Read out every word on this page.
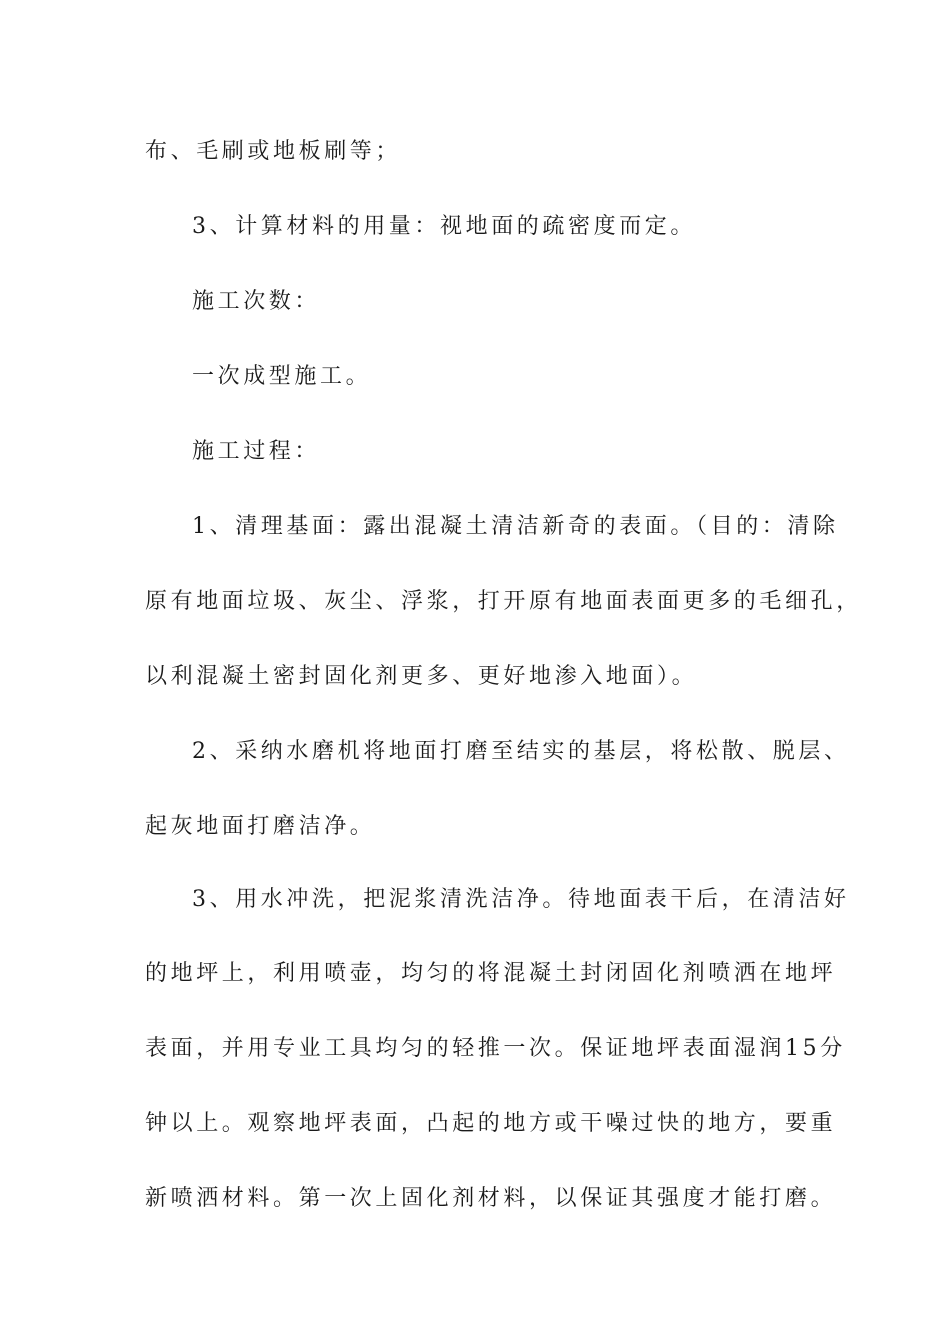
布、毛刷或地板刷等；
3、计算材料的用量：视地面的疏密度而定。
施工次数：
一次成型施工。
施工过程：
1、清理基面：露出混凝土清洁新奇的表面。（目的：清除
原有地面垃圾、灰尘、浮浆，打开原有地面表面更多的毛细孔，
以利混凝土密封固化剂更多、更好地渗入地面）。
2、采纳水磨机将地面打磨至结实的基层，将松散、脱层、
起灰地面打磨洁净。
3、用水冲洗，把泥浆清洗洁净。待地面表干后，在清洁好
的地坪上，利用喷壶，均匀的将混凝土封闭固化剂喷洒在地坪
表面，并用专业工具均匀的轻推一次。保证地坪表面湿润15分
钟以上。观察地坪表面，凸起的地方或干噪过快的地方，要重
新喷洒材料。第一次上固化剂材料，以保证其强度才能打磨。
